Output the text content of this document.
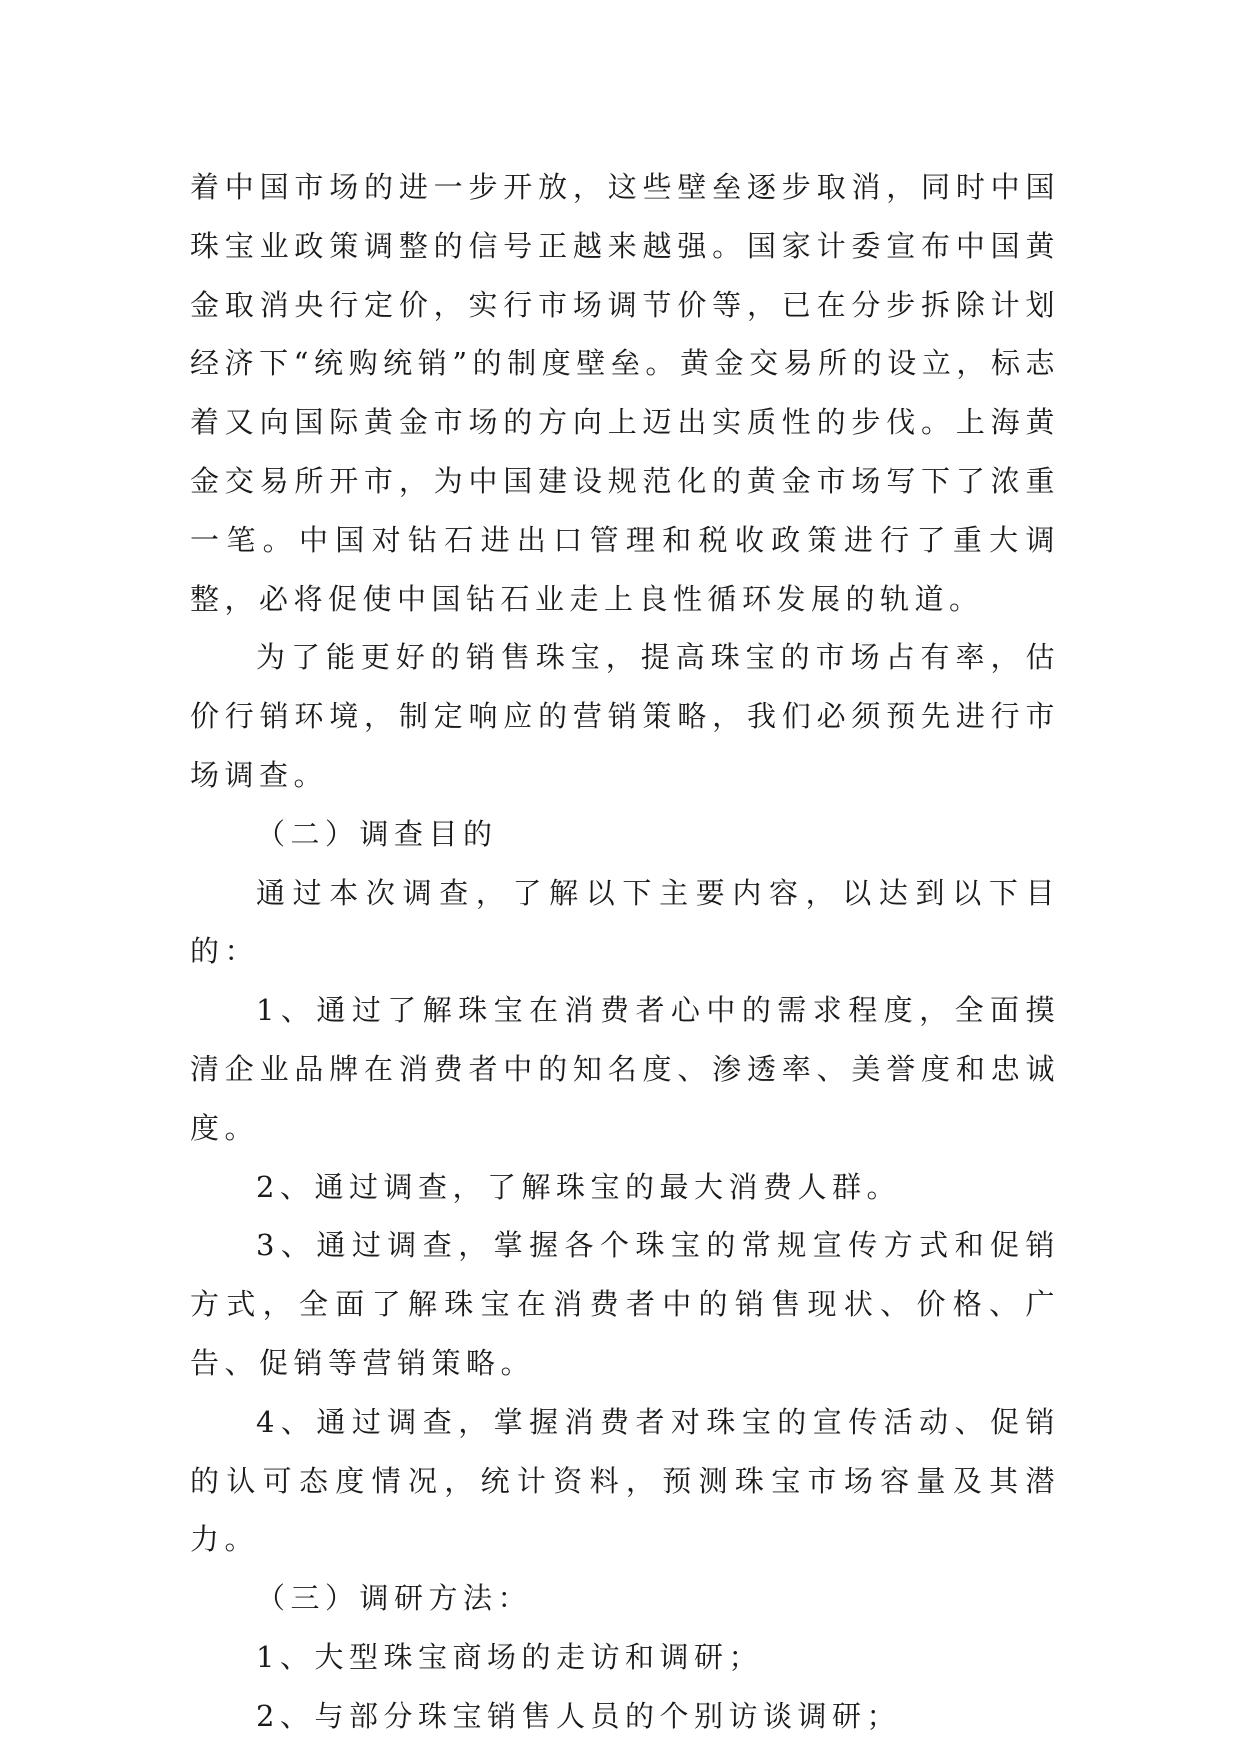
着中国市场的进一步开放，这些壁垒逐步取消，同时中国珠宝业政策调整的信号正越来越强。国家计委宣布中国黄金取消央行定价，实行市场调节价等，已在分步拆除计划经济下“统购统销”的制度壁垒。黄金交易所的设立，标志着又向国际黄金市场的方向上迈出实质性的步伐。上海黄金交易所开市，为中国建设规范化的黄金市场写下了浓重一笔。中国对钻石进出口管理和税收政策进行了重大调整，必将促使中国钻石业走上良性循环发展的轨道。

为了能更好的销售珠宝，提高珠宝的市场占有率，估价行销环境，制定响应的营销策略，我们必须预先进行市场调查。

（二）调查目的

通过本次调查，了解以下主要内容，以达到以下目的：

1、通过了解珠宝在消费者心中的需求程度，全面摸清企业品牌在消费者中的知名度、渗透率、美誉度和忠诚度。

2、通过调查，了解珠宝的最大消费人群。

3、通过调查，掌握各个珠宝的常规宣传方式和促销方式，全面了解珠宝在消费者中的销售现状、价格、广告、促销等营销策略。

4、通过调查，掌握消费者对珠宝的宣传活动、促销的认可态度情况，统计资料，预测珠宝市场容量及其潜力。

（三）调研方法：

1、大型珠宝商场的走访和调研；

2、与部分珠宝销售人员的个别访谈调研；
